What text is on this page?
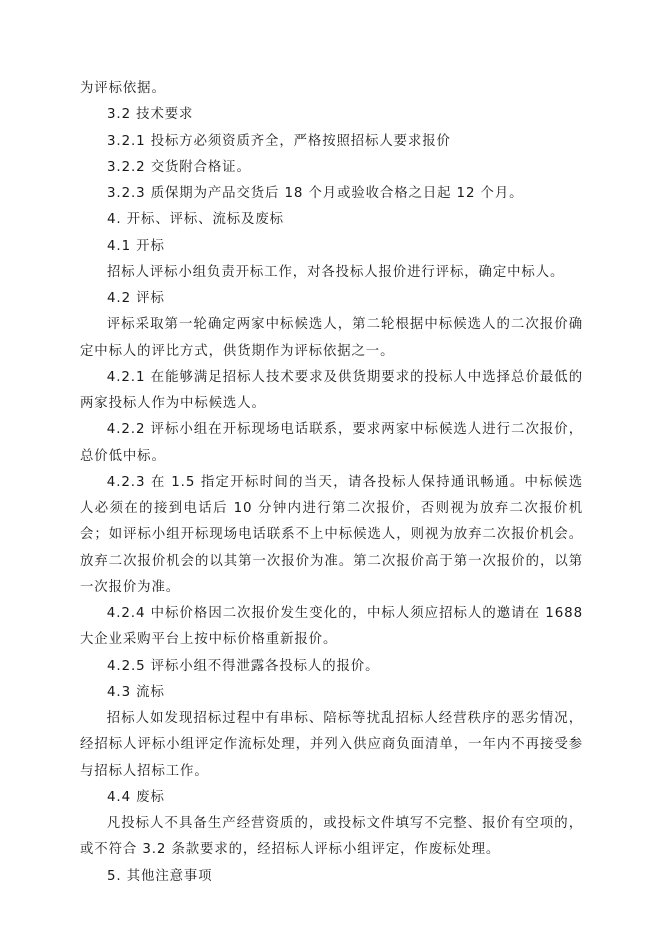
为评标依据。
3.2 技术要求
3.2.1 投标方必须资质齐全，严格按照招标人要求报价
3.2.2 交货附合格证。
3.2.3 质保期为产品交货后 18 个月或验收合格之日起 12 个月。
4. 开标、评标、流标及废标
4.1 开标
招标人评标小组负责开标工作，对各投标人报价进行评标，确定中标人。
4.2 评标

评标采取第一轮确定两家中标候选人，第二轮根据中标候选人的二次报价确定中标人的评比方式，供货期作为评标依据之一。

4.2.1 在能够满足招标人技术要求及供货期要求的投标人中选择总价最低的两家投标人作为中标候选人。

4.2.2 评标小组在开标现场电话联系，要求两家中标候选人进行二次报价，总价低中标。

4.2.3 在 1.5 指定开标时间的当天，请各投标人保持通讯畅通。中标候选人必须在的接到电话后 10 分钟内进行第二次报价，否则视为放弃二次报价机会；如评标小组开标现场电话联系不上中标候选人，则视为放弃二次报价机会。放弃二次报价机会的以其第一次报价为准。第二次报价高于第一次报价的，以第一次报价为准。

4.2.4 中标价格因二次报价发生变化的，中标人须应招标人的邀请在 1688 大企业采购平台上按中标价格重新报价。

4.2.5 评标小组不得泄露各投标人的报价。
4.3 流标

招标人如发现招标过程中有串标、陪标等扰乱招标人经营秩序的恶劣情况，经招标人评标小组评定作流标处理，并列入供应商负面清单，一年内不再接受参与招标人招标工作。

4.4 废标

凡投标人不具备生产经营资质的，或投标文件填写不完整、报价有空项的，或不符合 3.2 条款要求的，经招标人评标小组评定，作废标处理。

5. 其他注意事项
